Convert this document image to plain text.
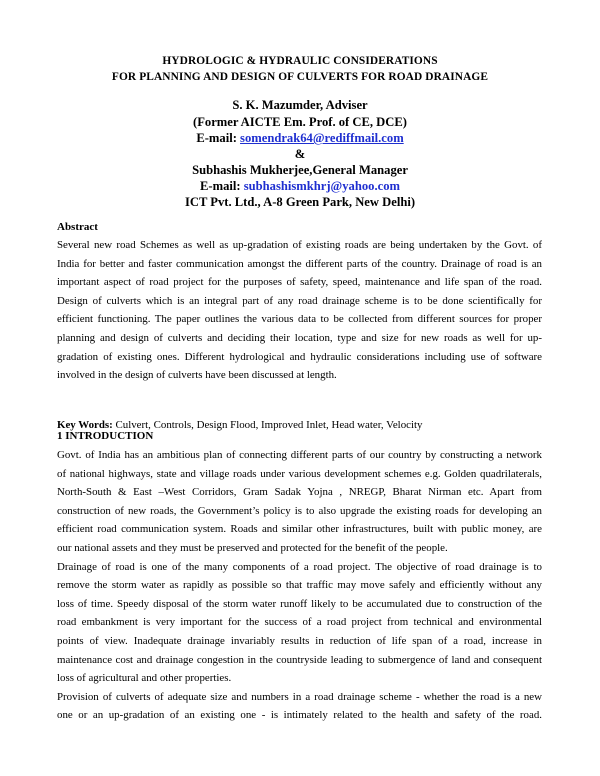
HYDROLOGIC & HYDRAULIC CONSIDERATIONS
FOR PLANNING AND DESIGN OF CULVERTS FOR ROAD DRAINAGE
S. K. Mazumder, Adviser
(Former AICTE Em. Prof. of CE, DCE)
E-mail: somendrak64@rediffmail.com
&
Subhashis Mukherjee,General Manager
E-mail: subhashismkhrj@yahoo.com
ICT Pvt. Ltd., A-8 Green Park, New Delhi)
Abstract
Several new road Schemes as well as up-gradation of existing roads are being undertaken by the Govt. of
India for better and faster communication amongst the different parts of the country. Drainage of road is an
important aspect of road project for the purposes of safety, speed, maintenance and life span of the road.
Design of culverts which is an integral part of any road drainage scheme is to be done scientifically for
efficient functioning. The paper outlines the various data to be collected from different sources for proper
planning and design of culverts and deciding their location, type and size for new roads as well for up-
gradation of existing ones. Different hydrological and hydraulic considerations including use of software
involved in the design of culverts have been discussed at length.
Key Words: Culvert, Controls, Design Flood, Improved Inlet, Head water, Velocity
1 INTRODUCTION
Govt. of India has an ambitious plan of connecting different parts of our country by constructing a network
of national highways, state and village roads under various development schemes e.g. Golden quadrilaterals,
North-South & East –West Corridors, Gram Sadak Yojna , NREGP, Bharat Nirman etc. Apart from
construction of new roads, the Government’s policy is to also upgrade the existing roads for developing an
efficient road communication system. Roads and similar other infrastructures, built with public money, are
our national assets and they must be preserved and protected for the benefit of the people.
Drainage of road is one of the many components of a road project. The objective of road drainage is to
remove the storm water as rapidly as possible so that traffic may move safely and efficiently without any
loss of time. Speedy disposal of the storm water runoff likely to be accumulated due to construction of the
road embankment is very important for the success of a road project from technical and environmental
points of view. Inadequate drainage invariably results in reduction of life span of a road, increase in
maintenance cost and drainage congestion in the countryside leading to submergence of land and consequent
loss of agricultural and other properties.
Provision of culverts of adequate size and numbers in a road drainage scheme - whether the road is a new
one or an up-gradation of an existing one - is intimately related to the health and safety of the road.
